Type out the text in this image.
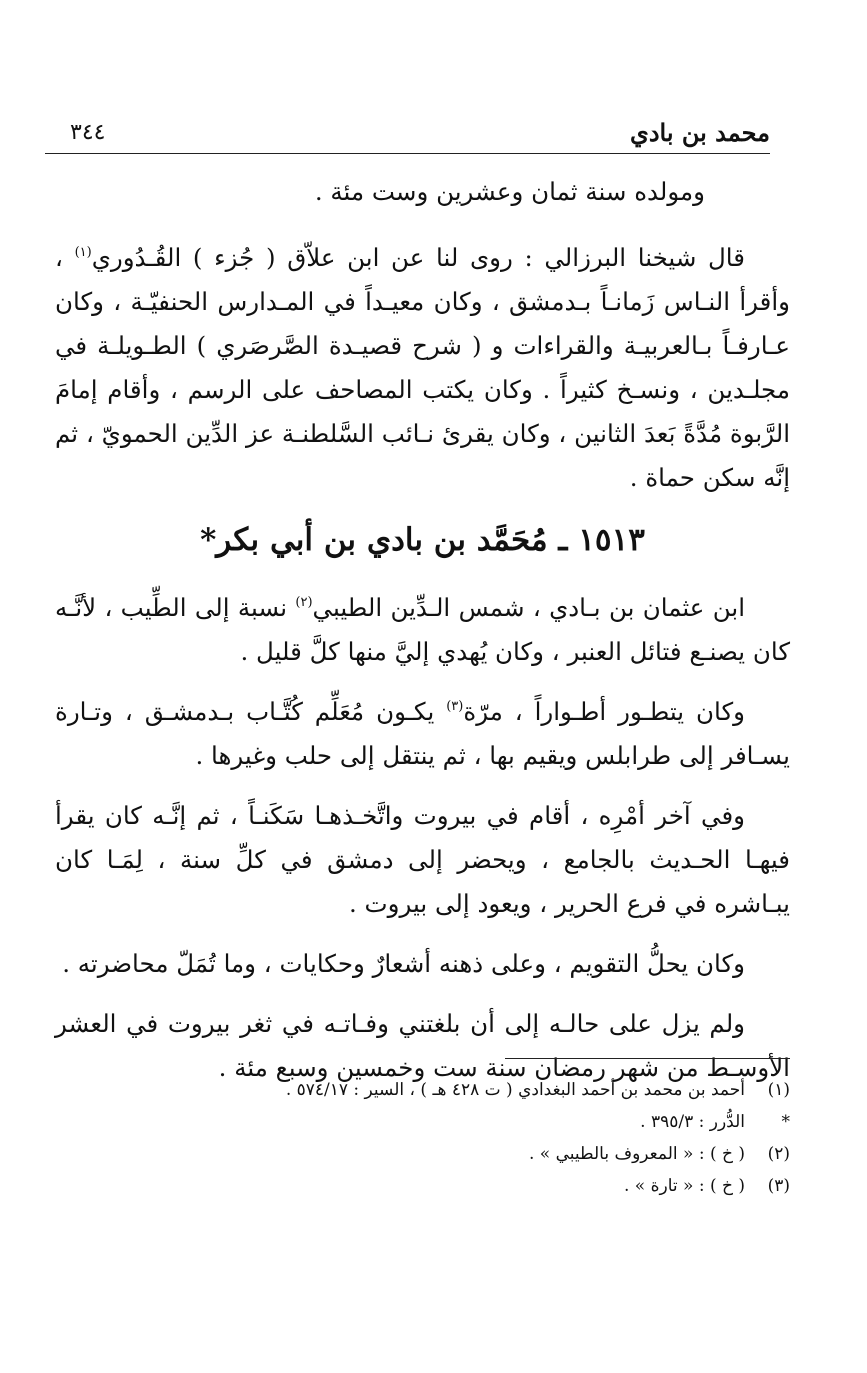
محمد بن بادي
٣٤٤

ومولده سنة ثمان وعشرين وست مئة .

قال شيخنا البرزالي : روى لنا عن ابن علاّق ( جُزء ) القُـدُوري$^{(١)}$ ، وأقرأ النـاس زَمانـاً بـدمشق ، وكان معيـداً في المـدارس الحنفيّـة ، وكان عـارفـاً بـالعربيـة والقراءات و ( شرح قصيـدة الصَّرصَري ) الطـويلـة في مجلـدين ، ونسـخ كثيراً . وكان يكتب المصاحف على الرسم ، وأقام إمامَ الرَّبوة مُدَّةً بَعدَ الثانين ، وكان يقرئ نـائب السَّلطنـة عز الدِّين الحمويّ ، ثم إنَّه سكن حماة .

١٥١٣ ـ مُحَمَّد بن بادي بن أبي بكر*

ابن عثمان بن بـادي ، شمس الـدِّين الطيبي$^{(٢)}$ نسبة إلى الطِّيب ، لأنَّـه كان يصنـع فتائل العنبر ، وكان يُهدي إليَّ منها كلَّ قليل .

وكان يتطـور أطـواراً ، مرّة$^{(٣)}$ يكـون مُعَلِّم كُتَّـاب بـدمشـق ، وتـارة يسـافر إلى طرابلس ويقيم بها ، ثم ينتقل إلى حلب وغيرها .

وفي آخر أمْرِه ، أقام في بيروت واتَّخـذهـا سَكَنـاً ، ثم إنَّـه كان يقرأ فيهـا الحـديث بالجامع ، ويحضر إلى دمشق في كلِّ سنة ، لِمَـا كان يبـاشره في فرع الحرير ، ويعود إلى بيروت .

وكان يحلُّ التقويم ، وعلى ذهنه أشعارٌ وحكايات ، وما تُمَلّ محاضرته .

ولم يزل على حالـه إلى أن بلغتني وفـاتـه في ثغر بيروت في العشر الأوسـط من شهر رمضان سنة ست وخمسين وسبع مئة .

(١)
أحمد بن محمد بن أحمد البغدادي ( ت ٤٢٨ هـ ) ، السير : ٥٧٤/١٧ .
*
الدُّرر : ٣٩٥/٣ .
(٢)
( خ ) : « المعروف بالطيبي » .
(٣)
( خ ) : « تارة » .
